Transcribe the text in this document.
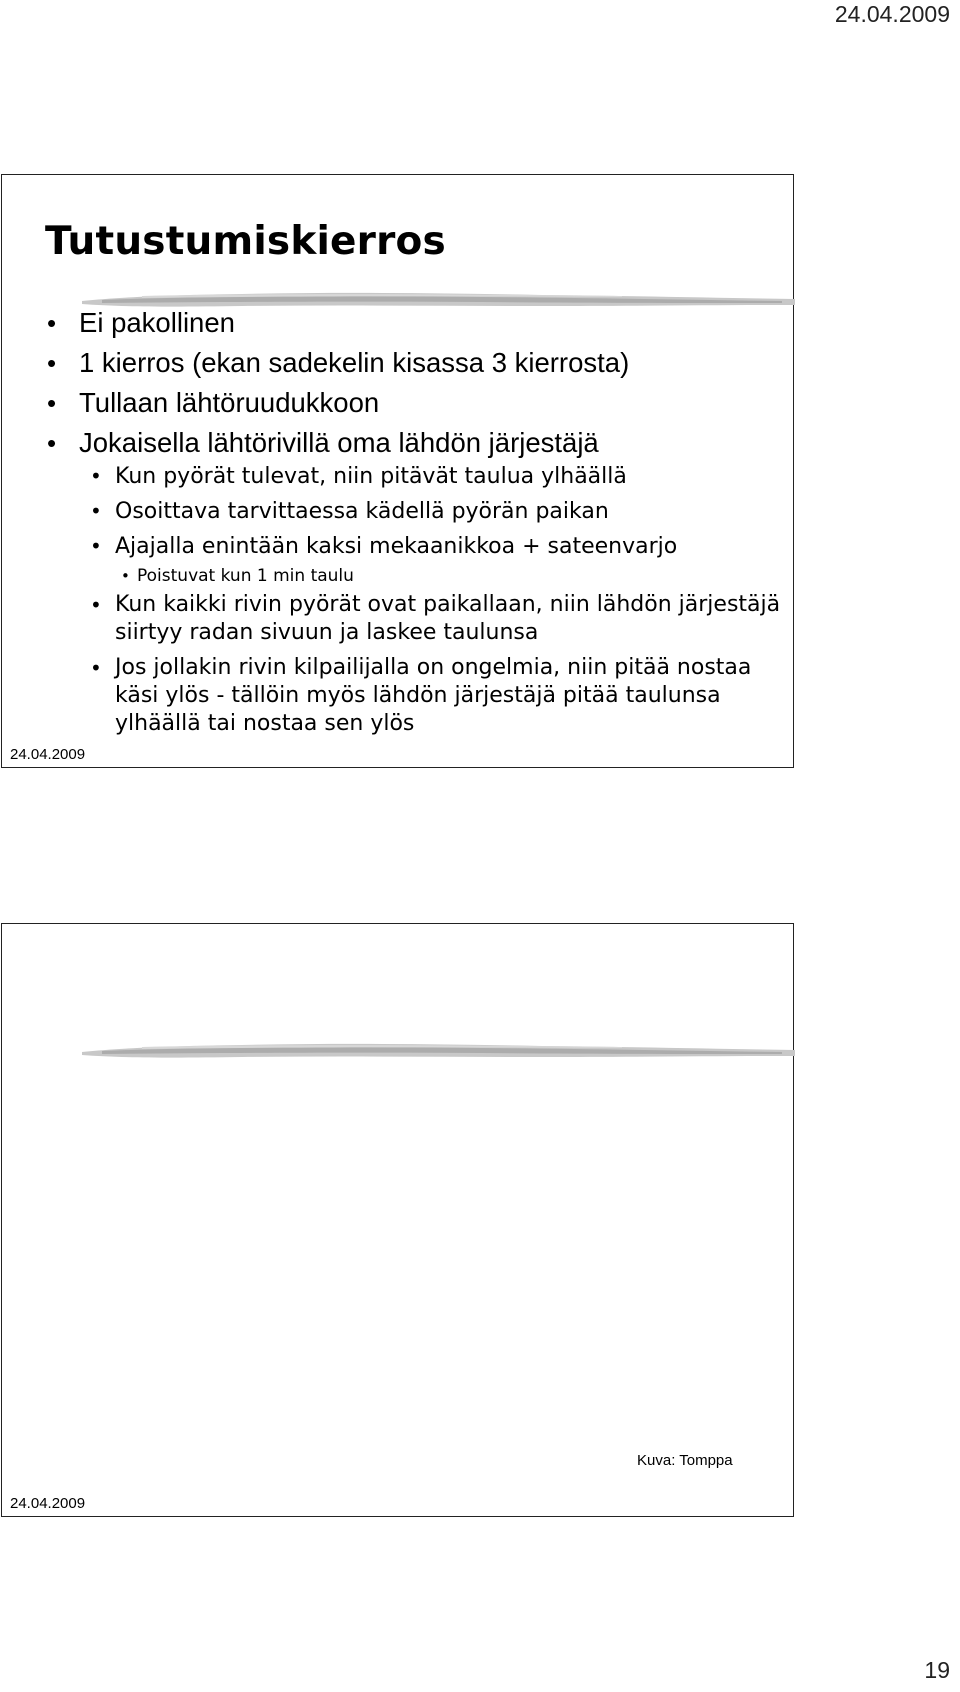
24.04.2009
Tutustumiskierros
• Ei pakollinen
• 1 kierros (ekan sadekelin kisassa 3 kierrosta)
• Tullaan lähtöruudukkoon
• Jokaisella lähtörivillä oma lähdön järjestäjä
• Kun pyörät tulevat, niin pitävät taulua ylhäällä
• Osoittava tarvittaessa kädellä pyörän paikan
• Ajajalla enintään kaksi mekaanikkoa + sateenvarjo
• Poistuvat kun 1 min taulu
• Kun kaikki rivin pyörät ovat paikallaan, niin lähdön järjestäjä siirtyy radan sivuun ja laskee taulunsa
• Jos jollakin rivin kilpailijalla on ongelmia, niin pitää nostaa käsi ylös - tällöin myös lähdön järjestäjä pitää taulunsa ylhäällä tai nostaa sen ylös
24.04.2009
Kuva: Tomppa
24.04.2009
19
